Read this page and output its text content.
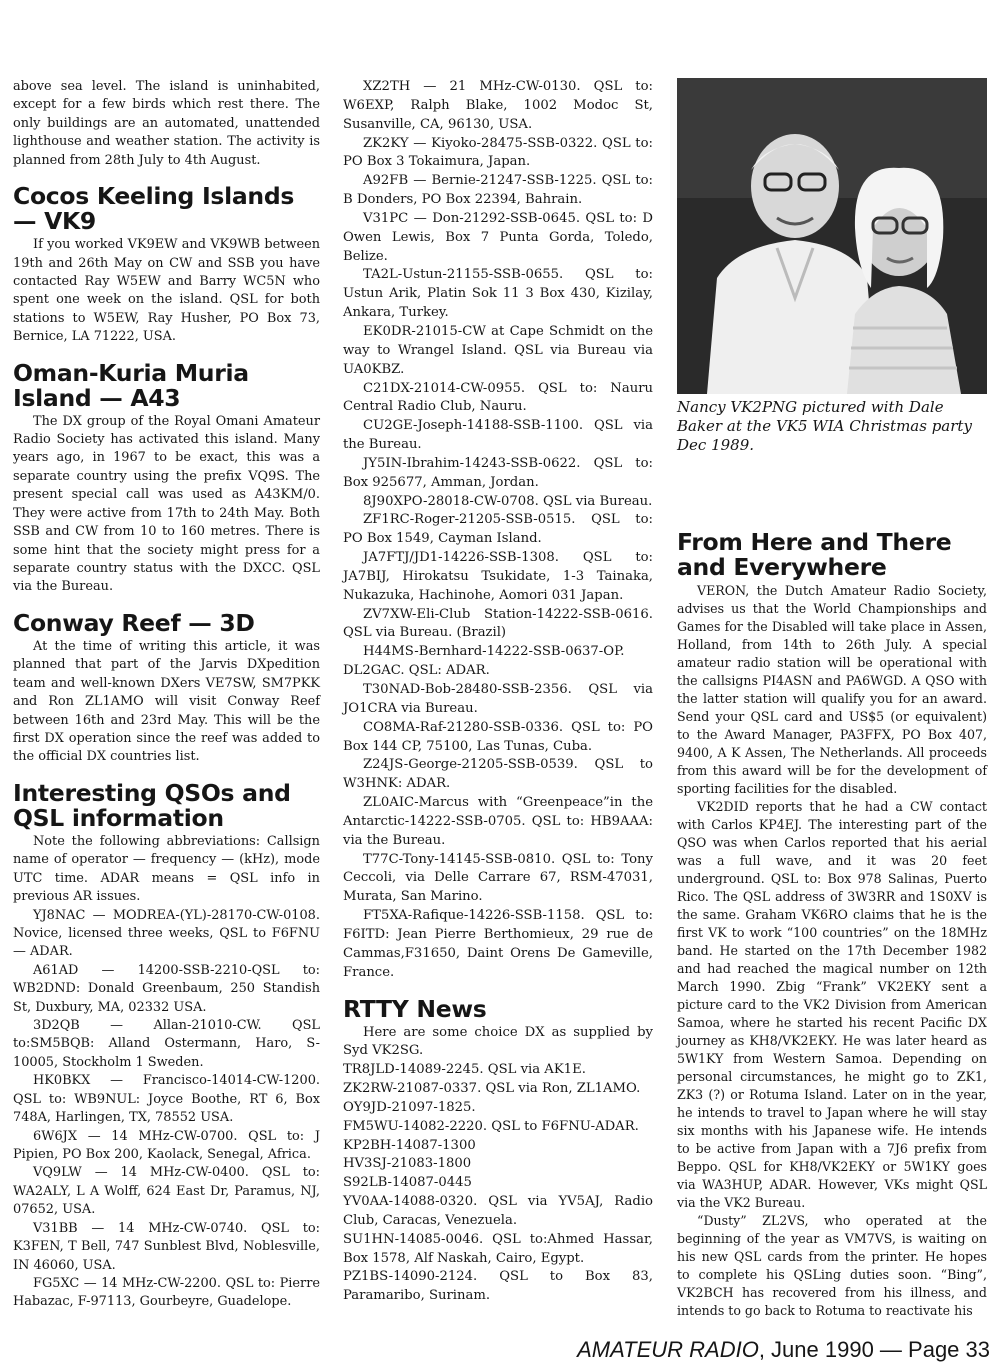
above sea level. The island is uninhabited, except for a few birds which rest there. The only buildings are an automated, unattended lighthouse and weather station. The activity is planned from 28th July to 4th August.

Cocos Keeling Islands — VK9

If you worked VK9EW and VK9WB between 19th and 26th May on CW and SSB you have contacted Ray W5EW and Barry WC5N who spent one week on the island. QSL for both stations to W5EW, Ray Husher, PO Box 73, Bernice, LA 71222, USA.

Oman-Kuria Muria Island — A43

The DX group of the Royal Omani Amateur Radio Society has activated this island. Many years ago, in 1967 to be exact, this was a separate country using the prefix VQ9S. The present special call was used as A43KM/0. They were active from 17th to 24th May. Both SSB and CW from 10 to 160 metres. There is some hint that the society might press for a separate country status with the DXCC. QSL via the Bureau.

Conway Reef — 3D

At the time of writing this article, it was planned that part of the Jarvis DXpedition team and well-known DXers VE7SW, SM7PKK and Ron ZL1AMO will visit Conway Reef between 16th and 23rd May. This will be the first DX operation since the reef was added to the official DX countries list.

Interesting QSOs and QSL information

Note the following abbreviations: Callsign name of operator — frequency — (kHz), mode UTC time. ADAR means = QSL info in previous AR issues.

YJ8NAC — MODREA-(YL)-28170-CW-0108. Novice, licensed three weeks, QSL to F6FNU — ADAR.

A61AD — 14200-SSB-2210-QSL to: WB2DND: Donald Greenbaum, 250 Standish St, Duxbury, MA, 02332 USA.

3D2QB — Allan-21010-CW. QSL to:SM5BQB: Alland Ostermann, Haro, S-10005, Stockholm 1 Sweden.

HK0BKX — Francisco-14014-CW-1200. QSL to: WB9NUL: Joyce Boothe, RT 6, Box 748A, Harlingen, TX, 78552 USA.

6W6JX — 14 MHz-CW-0700. QSL to: J Pipien, PO Box 200, Kaolack, Senegal, Africa.

VQ9LW — 14 MHz-CW-0400. QSL to: WA2ALY, L A Wolff, 624 East Dr, Paramus, NJ, 07652, USA.

V31BB — 14 MHz-CW-0740. QSL to: K3FEN, T Bell, 747 Sunblest Blvd, Noblesville, IN 46060, USA.

FG5XC — 14 MHz-CW-2200. QSL to: Pierre Habazac, F-97113, Gourbeyre, Guadelope.

XZ2TH — 21 MHz-CW-0130. QSL to: W6EXP, Ralph Blake, 1002 Modoc St, Susanville, CA, 96130, USA.

ZK2KY — Kiyoko-28475-SSB-0322. QSL to: PO Box 3 Tokaimura, Japan.

A92FB — Bernie-21247-SSB-1225. QSL to: B Donders, PO Box 22394, Bahrain.

V31PC — Don-21292-SSB-0645. QSL to: D Owen Lewis, Box 7 Punta Gorda, Toledo, Belize.

TA2L-Ustun-21155-SSB-0655. QSL to: Ustun Arik, Platin Sok 11 3 Box 430, Kizilay, Ankara, Turkey.

EK0DR-21015-CW at Cape Schmidt on the way to Wrangel Island. QSL via Bureau via UA0KBZ.

C21DX-21014-CW-0955. QSL to: Nauru Central Radio Club, Nauru.

CU2GE-Joseph-14188-SSB-1100. QSL via the Bureau.

JY5IN-Ibrahim-14243-SSB-0622. QSL to: Box 925677, Amman, Jordan.

8J90XPO-28018-CW-0708. QSL via Bureau.

ZF1RC-Roger-21205-SSB-0515. QSL to: PO Box 1549, Cayman Island.

JA7FTJ/JD1-14226-SSB-1308. QSL to: JA7BIJ, Hirokatsu Tsukidate, 1-3 Tainaka, Nukazuka, Hachinohe, Aomori 031 Japan.

ZV7XW-Eli-Club Station-14222-SSB-0616. QSL via Bureau. (Brazil)

H44MS-Bernhard-14222-SSB-0637-OP. DL2GAC. QSL: ADAR.

T30NAD-Bob-28480-SSB-2356. QSL via JO1CRA via Bureau.

CO8MA-Raf-21280-SSB-0336. QSL to: PO Box 144 CP, 75100, Las Tunas, Cuba.

Z24JS-George-21205-SSB-0539. QSL to W3HNK: ADAR.

ZL0AIC-Marcus with “Greenpeace”in the Antarctic-14222-SSB-0705. QSL to: HB9AAA: via the Bureau.

T77C-Tony-14145-SSB-0810. QSL to: Tony Ceccoli, via Delle Carrare 67, RSM-47031, Murata, San Marino.

FT5XA-Rafique-14226-SSB-1158. QSL to: F6ITD: Jean Pierre Berthomieux, 29 rue de Cammas,F31650, Daint Orens De Gameville, France.

RTTY News

Here are some choice DX as supplied by Syd VK2SG.

TR8JLD-14089-2245. QSL via AK1E.

ZK2RW-21087-0337. QSL via Ron, ZL1AMO.

OY9JD-21097-1825.

FM5WU-14082-2220. QSL to F6FNU-ADAR.

KP2BH-14087-1300

HV3SJ-21083-1800

S92LB-14087-0445

YV0AA-14088-0320. QSL via YV5AJ, Radio Club, Caracas, Venezuela.

SU1HN-14085-0046. QSL to:Ahmed Hassar, Box 1578, Alf Naskah, Cairo, Egypt.

PZ1BS-14090-2124. QSL to Box 83, Paramaribo, Surinam.

Nancy VK2PNG pictured with Dale Baker at the VK5 WIA Christmas party Dec 1989.
From Here and There and Everywhere

VERON, the Dutch Amateur Radio Society, advises us that the World Championships and Games for the Disabled will take place in Assen, Holland, from 14th to 26th July. A special amateur radio station will be operational with the callsigns PI4ASN and PA6WGD. A QSO with the latter station will qualify you for an award. Send your QSL card and US$5 (or equivalent) to the Award Manager, PA3FFX, PO Box 407, 9400, A K Assen, The Netherlands. All proceeds from this award will be for the development of sporting facilities for the disabled.

VK2DID reports that he had a CW contact with Carlos KP4EJ. The interesting part of the QSO was when Carlos reported that his aerial was a full wave, and it was 20 feet underground. QSL to: Box 978 Salinas, Puerto Rico. The QSL address of 3W3RR and 1S0XV is the same. Graham VK6RO claims that he is the first VK to work “100 countries” on the 18MHz band. He started on the 17th December 1982 and had reached the magical number on 12th March 1990. Zbig “Frank” VK2EKY sent a picture card to the VK2 Division from American Samoa, where he started his recent Pacific DX journey as KH8/VK2EKY. He was later heard as 5W1KY from Western Samoa. Depending on personal circumstances, he might go to ZK1, ZK3 (?) or Rotuma Island. Later on in the year, he intends to travel to Japan where he will stay six months with his Japanese wife. He intends to be active from Japan with a 7J6 prefix from Beppo. QSL for KH8/VK2EKY or 5W1KY goes via WA3HUP, ADAR. However, VKs might QSL via the VK2 Bureau.

“Dusty” ZL2VS, who operated at the beginning of the year as VM7VS, is waiting on his new QSL cards from the printer. He hopes to complete his QSLing duties soon. “Bing”, VK2BCH has recovered from his illness, and intends to go back to Rotuma to reactivate his

AMATEUR RADIO, June 1990 — Page 33
